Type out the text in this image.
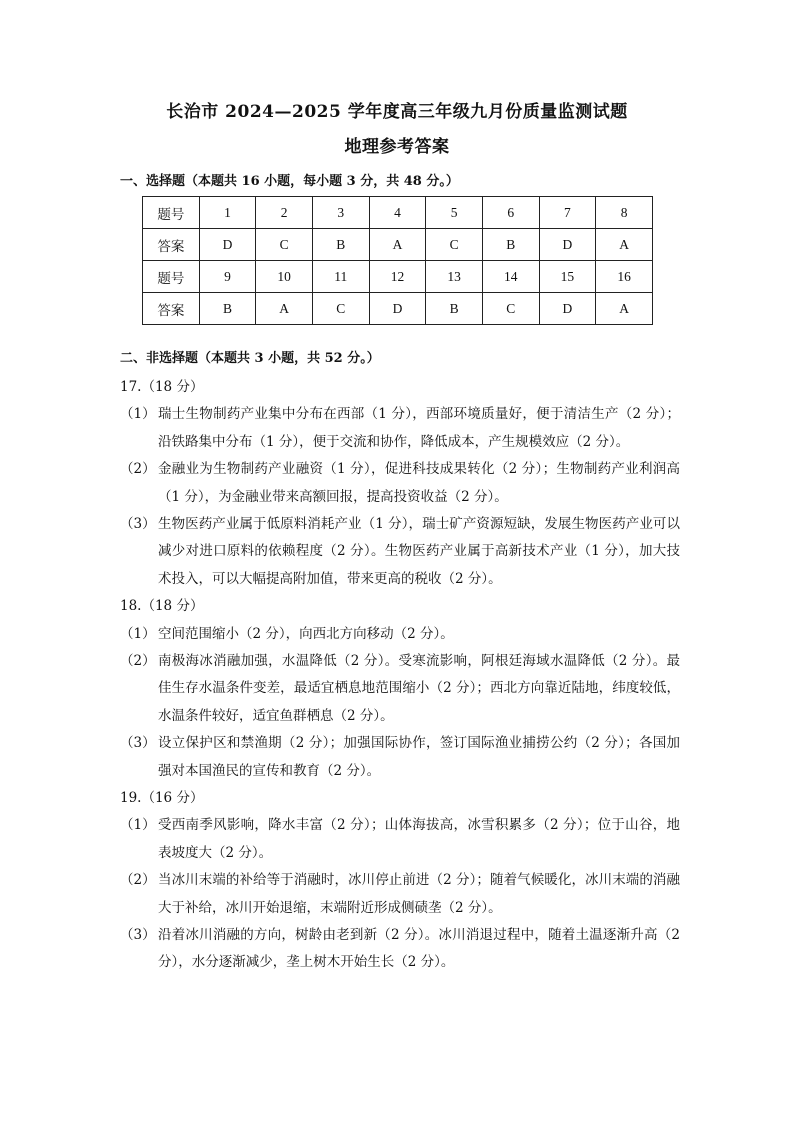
长治市 2024—2025 学年度高三年级九月份质量监测试题
地理参考答案
一、选择题（本题共 16 小题，每小题 3 分，共 48 分。）
题号	1	2	3	4	5	6	7	8
答案	D	C	B	A	C	B	D	A
题号	9	10	11	12	13	14	15	16
答案	B	A	C	D	B	C	D	A
二、非选择题（本题共 3 小题，共 52 分。）
17.（18 分）
（1） 瑞士生物制药产业集中分布在西部（1 分），西部环境质量好，便于清洁生产（2 分）；沿铁路集中分布（1 分），便于交流和协作，降低成本，产生规模效应（2 分）。
（2） 金融业为生物制药产业融资（1 分），促进科技成果转化（2 分）；生物制药产业利润高（1 分），为金融业带来高额回报，提高投资收益（2 分）。
（3） 生物医药产业属于低原料消耗产业（1 分），瑞士矿产资源短缺，发展生物医药产业可以减少对进口原料的依赖程度（2 分）。生物医药产业属于高新技术产业（1 分），加大技术投入，可以大幅提高附加值，带来更高的税收（2 分）。
18.（18 分）
（1） 空间范围缩小（2 分），向西北方向移动（2 分）。
（2） 南极海冰消融加强，水温降低（2 分）。受寒流影响，阿根廷海域水温降低（2 分）。最佳生存水温条件变差，最适宜栖息地范围缩小（2 分）；西北方向靠近陆地，纬度较低，水温条件较好，适宜鱼群栖息（2 分）。
（3） 设立保护区和禁渔期（2 分）；加强国际协作，签订国际渔业捕捞公约（2 分）；各国加强对本国渔民的宣传和教育（2 分）。
19.（16 分）
（1） 受西南季风影响，降水丰富（2 分）；山体海拔高，冰雪积累多（2 分）；位于山谷，地表坡度大（2 分）。
（2） 当冰川末端的补给等于消融时，冰川停止前进（2 分）；随着气候暖化，冰川末端的消融大于补给，冰川开始退缩，末端附近形成侧碛垄（2 分）。
（3） 沿着冰川消融的方向，树龄由老到新（2 分）。冰川消退过程中，随着土温逐渐升高（2 分），水分逐渐减少，垄上树木开始生长（2 分）。
